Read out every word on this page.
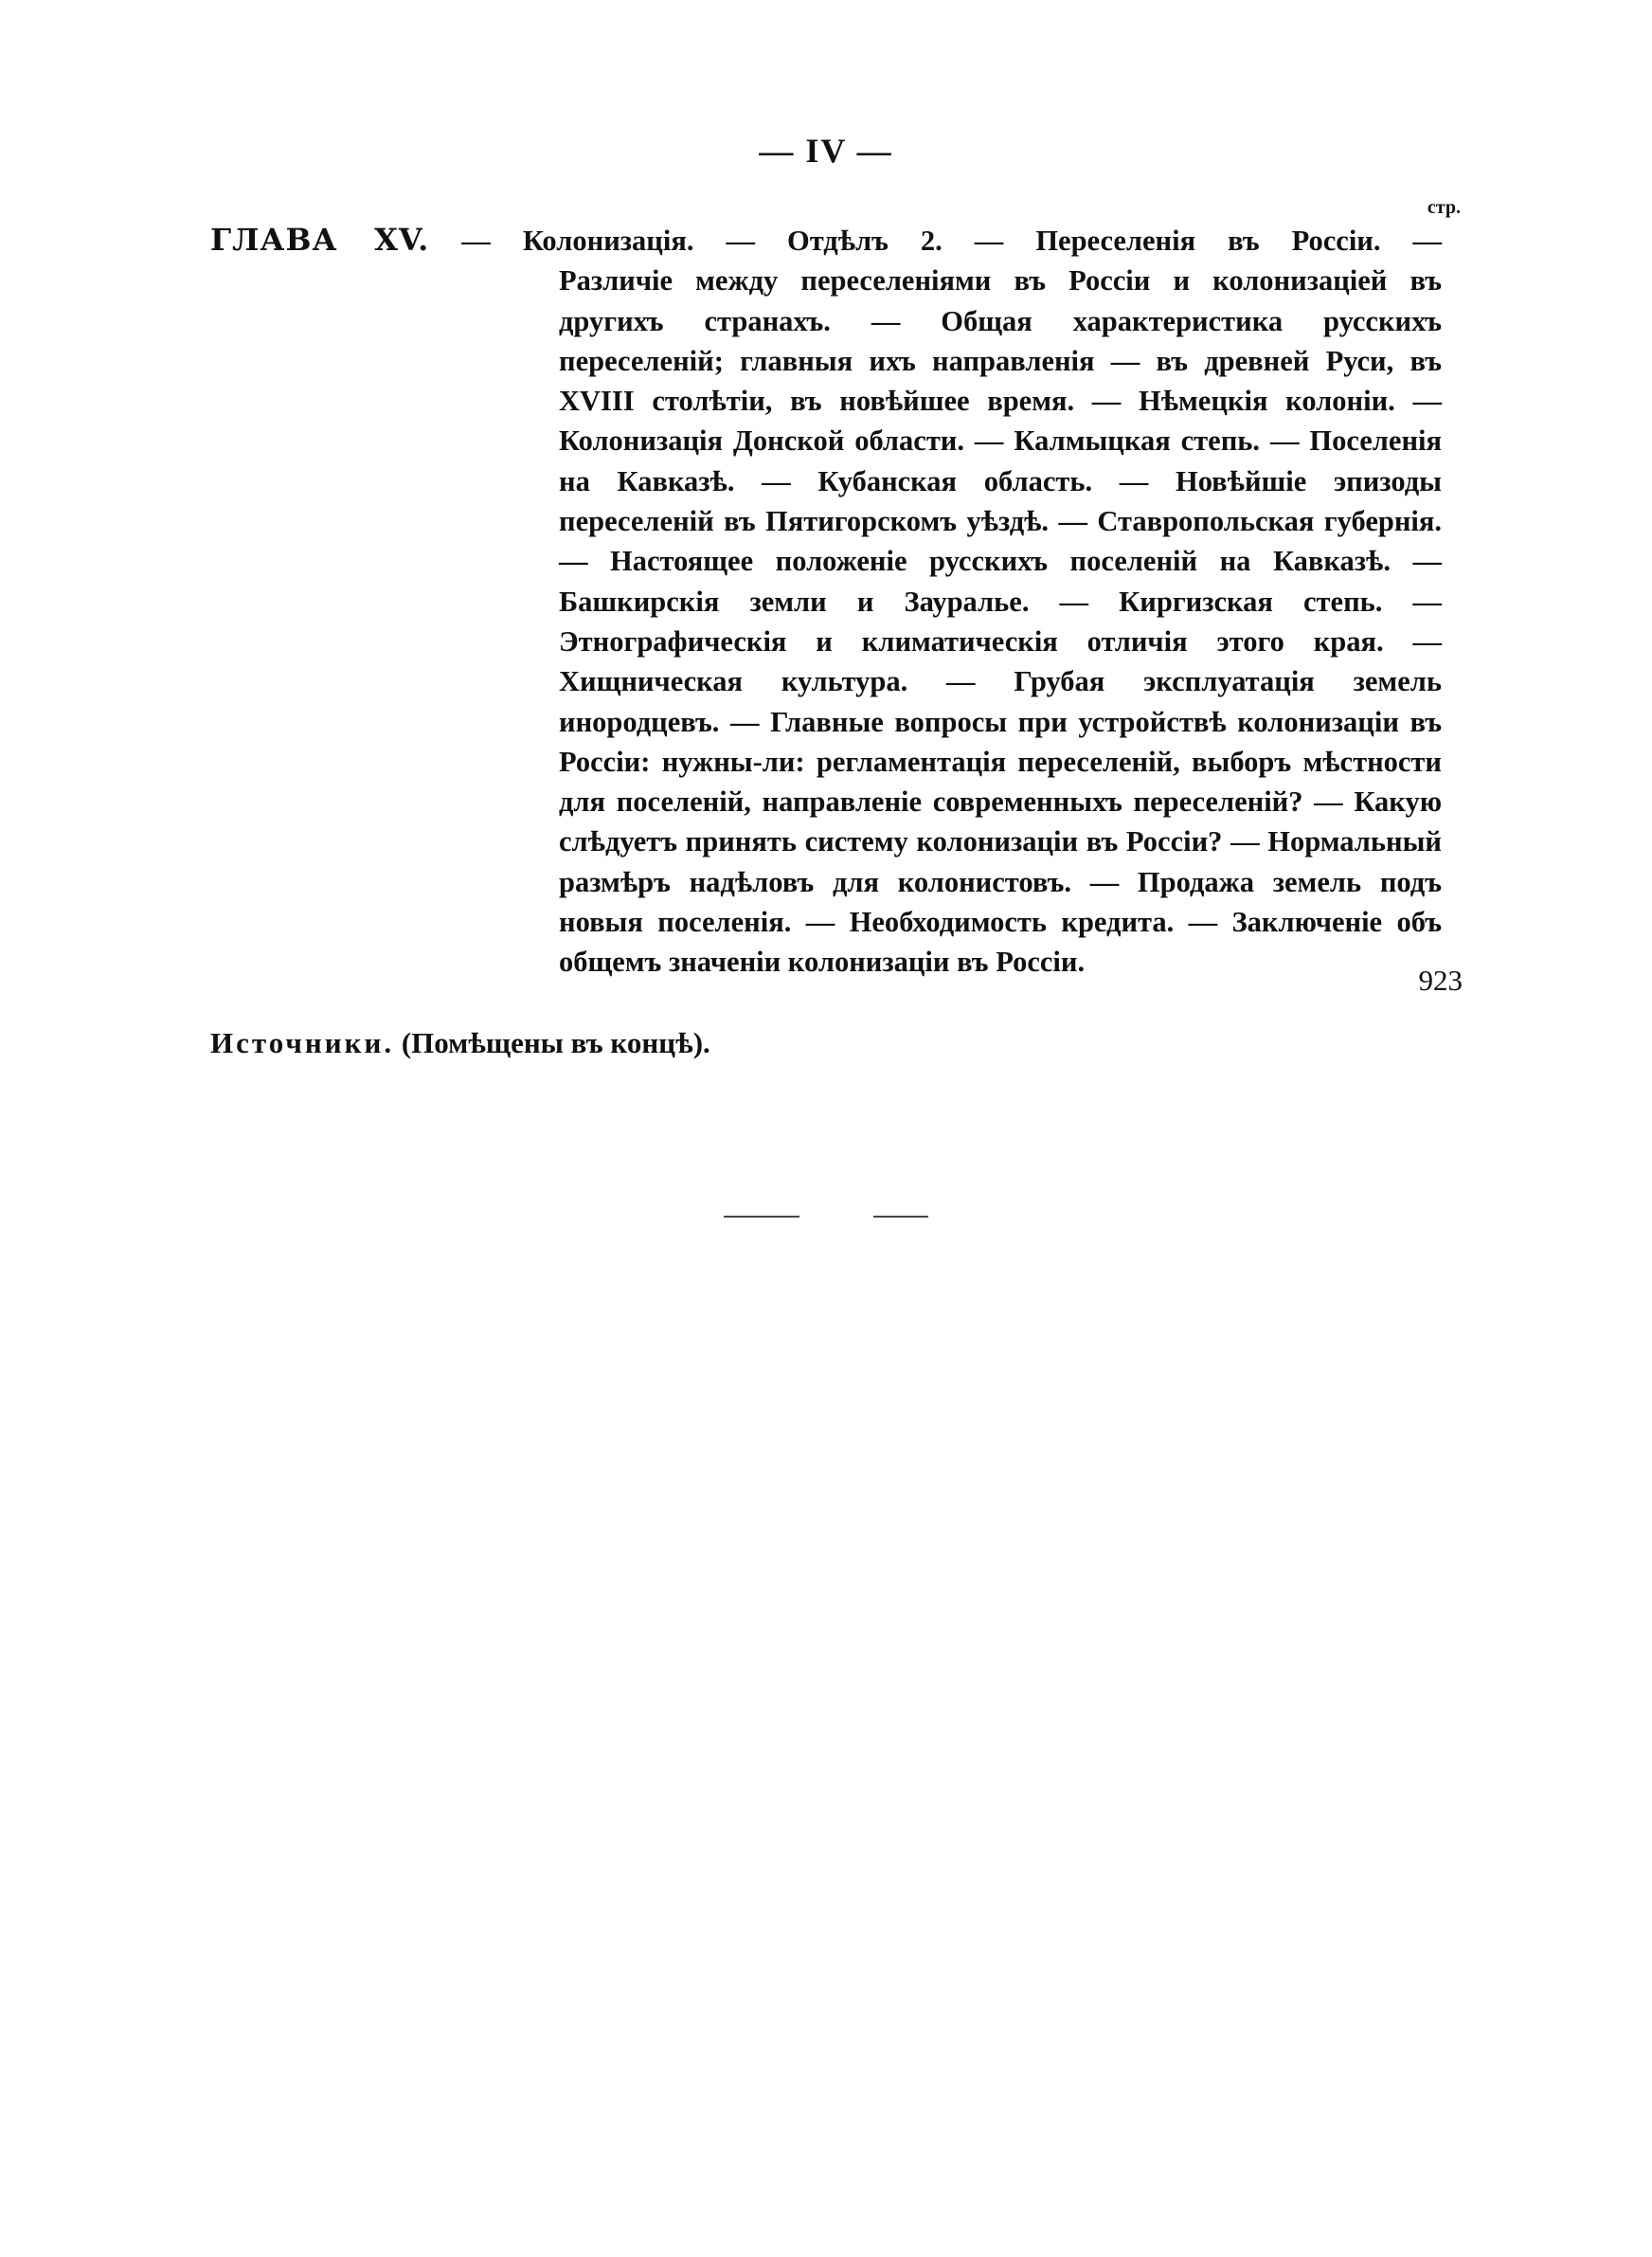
— IV —
стр.
ГЛАВА XV. — Колонизація. — Отдѣлъ 2. — Переселенія въ Россіи. —
Различіе между переселеніями въ Россіи и колонизаціей въ другихъ странахъ. — Общая характеристика русскихъ переселеній; главныя ихъ направленія — въ древней Руси, въ XVIII столѣтіи, въ новѣйшее время. — Нѣмецкія колоніи. — Колонизація Донской области. — Калмыцкая степь. — Поселенія на Кавказѣ. — Кубанская область. — Новѣйшіе эпизоды переселеній въ Пятигорскомъ уѣздѣ. — Ставропольская губернія. — Настоящее положеніе русскихъ поселеній на Кавказѣ. — Башкирскія земли и Зауралье. — Киргизская степь. — Этнографическія и климатическія отличія этого края. — Хищническая культура. — Грубая эксплуатація земель инородцевъ. — Главные вопросы при устройствѣ колонизаціи въ Россіи: нужны-ли: регламентація переселеній, выборъ мѣстности для поселеній, направленіе современныхъ переселеній? — Какую слѣдуетъ принять систему колонизаціи въ Россіи? — Нормальный размѣръ надѣловъ для колонистовъ. — Продажа земель подъ новыя поселенія. — Необходимость кредита. — Заключеніе объ общемъ значеніи колонизаціи въ Россіи.
923
Источники. (Помѣщены въ концѣ).
